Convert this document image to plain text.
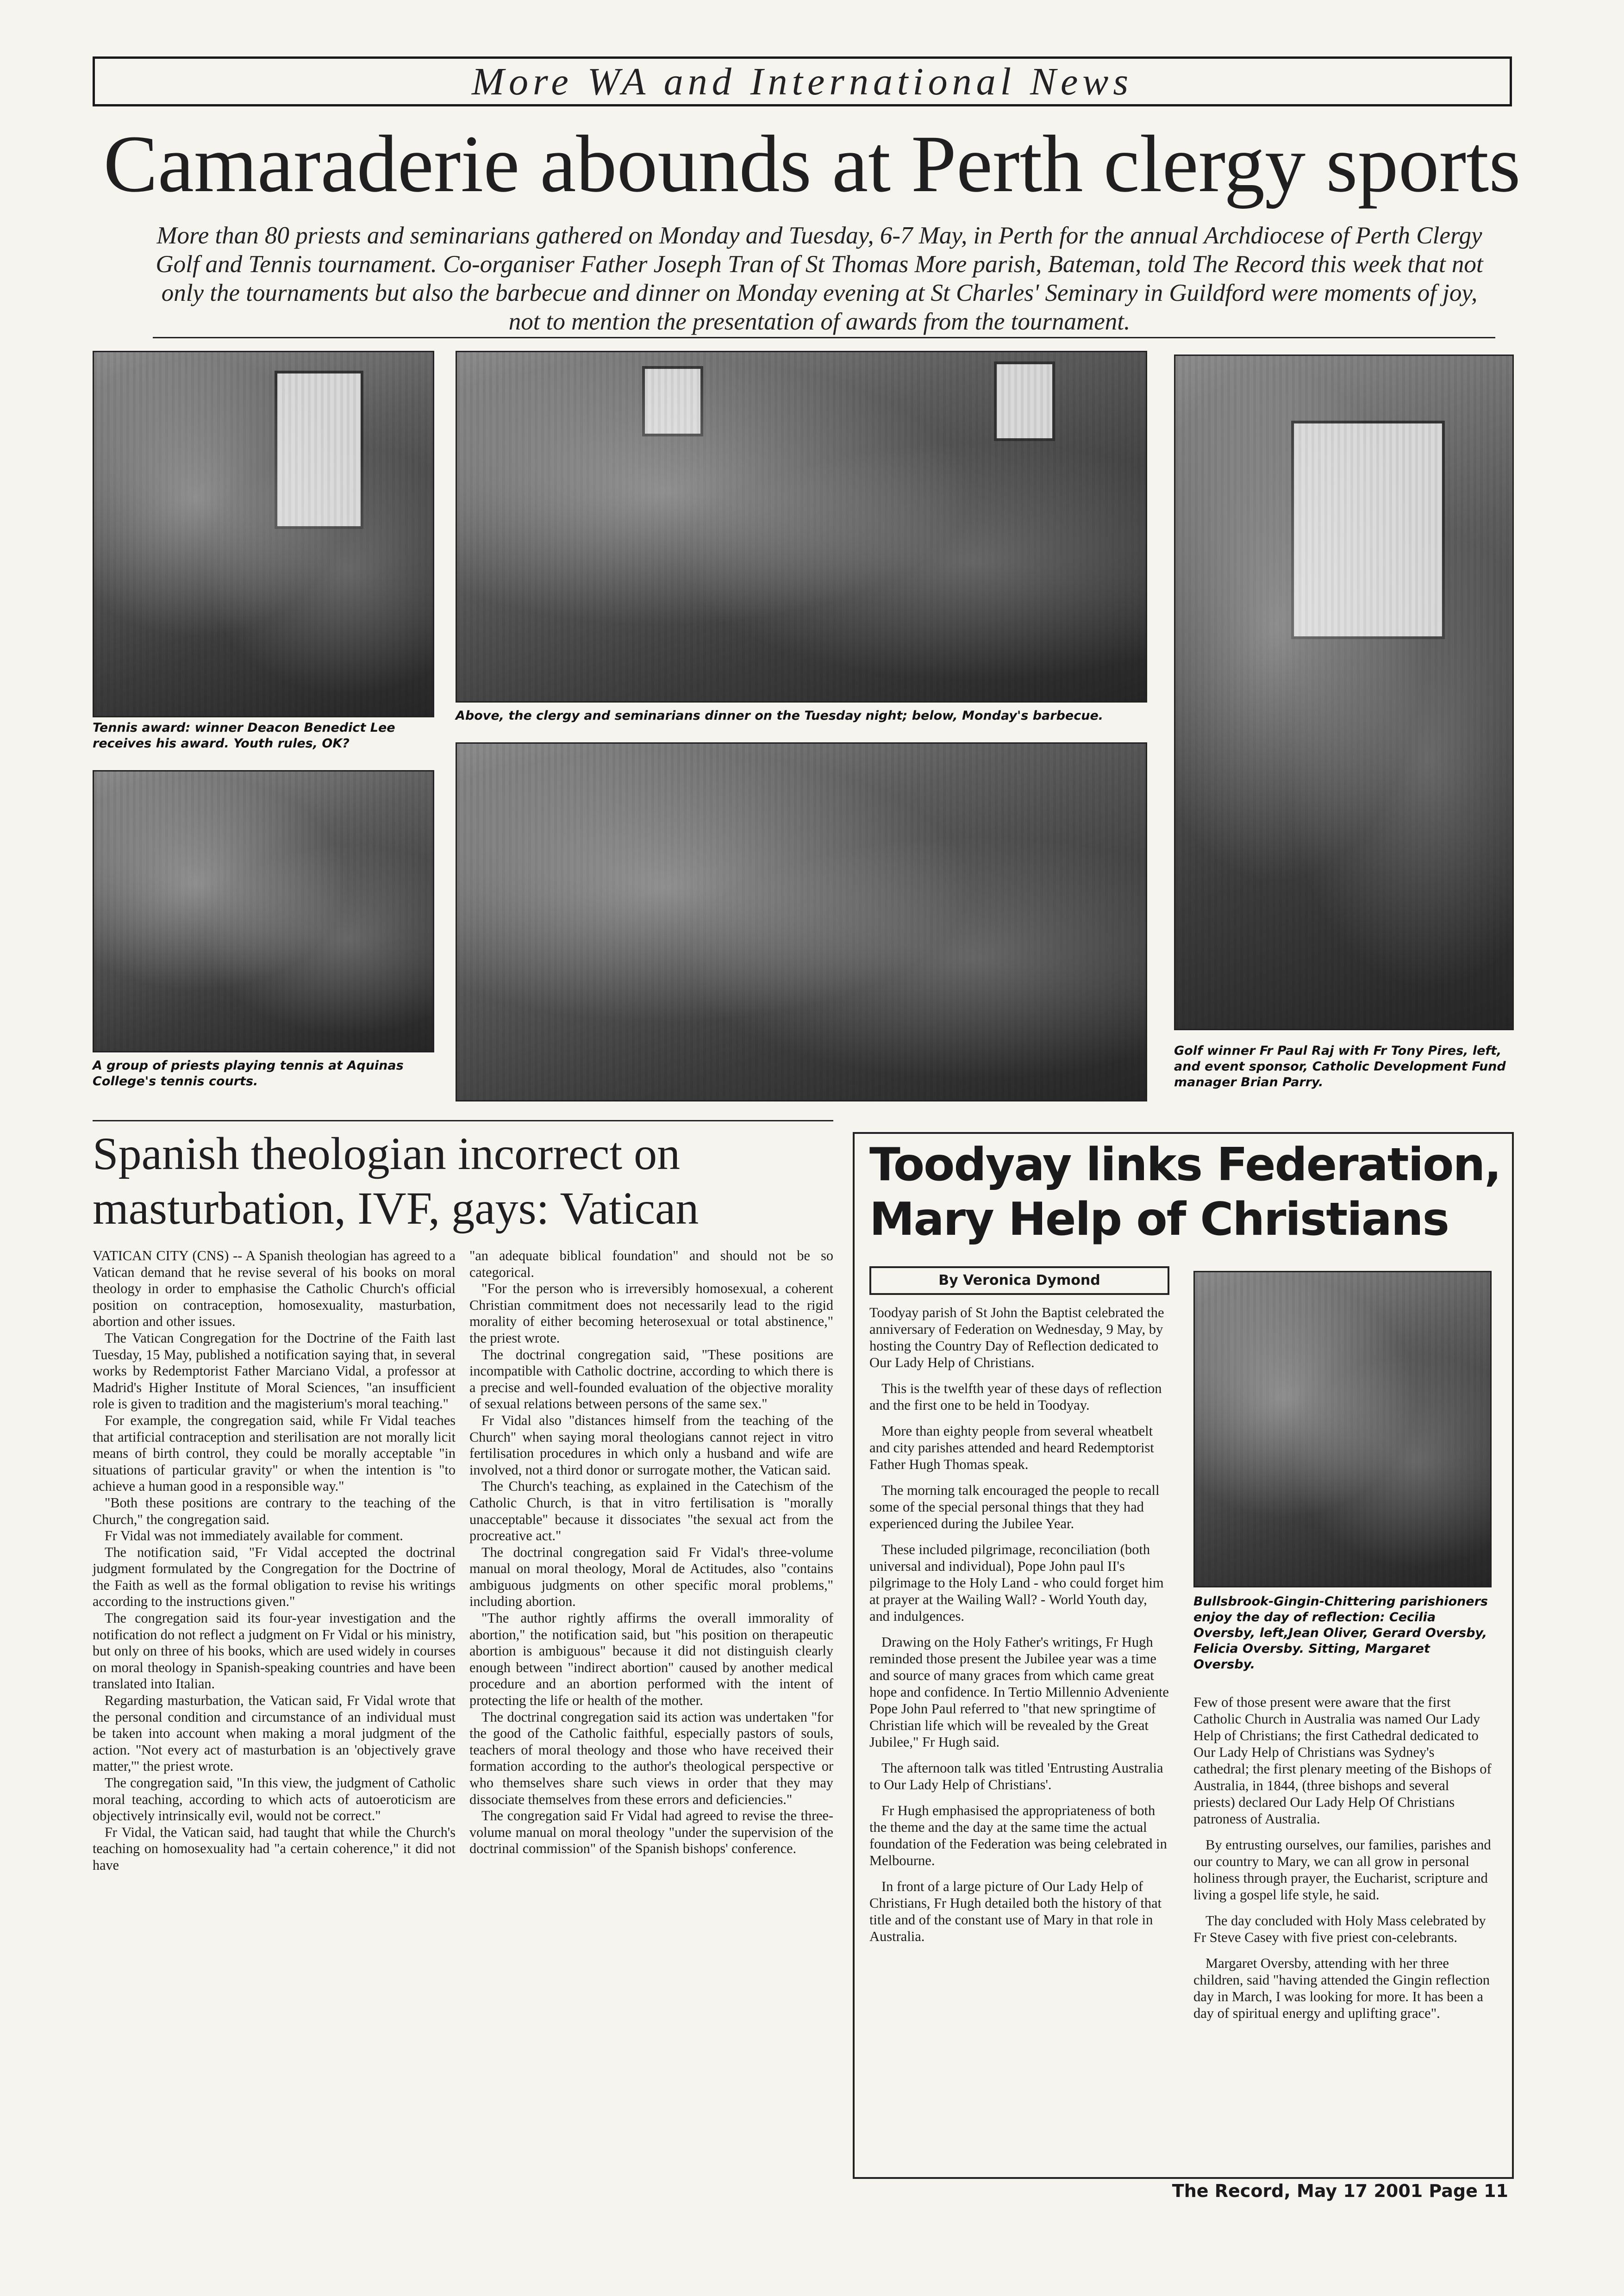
More WA and International News
Camaraderie abounds at Perth clergy sports
More than 80 priests and seminarians gathered on Monday and Tuesday, 6-7 May, in Perth for the annual Archdiocese of Perth Clergy Golf and Tennis tournament. Co-organiser Father Joseph Tran of St Thomas More parish, Bateman, told The Record this week that not only the tournaments but also the barbecue and dinner on Monday evening at St Charles' Seminary in Guildford were moments of joy, not to mention the presentation of awards from the tournament.
Tennis award: winner Deacon Benedict Lee receives his award. Youth rules, OK?
Above, the clergy and seminarians dinner on the Tuesday night; below, Monday's barbecue.
Golf winner Fr Paul Raj with Fr Tony Pires, left, and event sponsor, Catholic Development Fund manager Brian Parry.
A group of priests playing tennis at Aquinas College's tennis courts.
Spanish theologian incorrect on masturbation, IVF, gays: Vatican

VATICAN CITY (CNS) -- A Spanish theologian has agreed to a Vatican demand that he revise several of his books on moral theology in order to emphasise the Catholic Church's official position on contraception, homosexuality, masturbation, abortion and other issues.

The Vatican Congregation for the Doctrine of the Faith last Tuesday, 15 May, published a notification saying that, in several works by Redemptorist Father Marciano Vidal, a professor at Madrid's Higher Institute of Moral Sciences, "an insufficient role is given to tradition and the magisterium's moral teaching."

For example, the congregation said, while Fr Vidal teaches that artificial contraception and sterilisation are not morally licit means of birth control, they could be morally acceptable "in situations of particular gravity" or when the intention is "to achieve a human good in a responsible way."

"Both these positions are contrary to the teaching of the Church," the congregation said.

Fr Vidal was not immediately available for comment.

The notification said, "Fr Vidal accepted the doctrinal judgment formulated by the Congregation for the Doctrine of the Faith as well as the formal obligation to revise his writings according to the instructions given."

The congregation said its four-year investigation and the notification do not reflect a judgment on Fr Vidal or his ministry, but only on three of his books, which are used widely in courses on moral theology in Spanish-speaking countries and have been translated into Italian.

Regarding masturbation, the Vatican said, Fr Vidal wrote that the personal condition and circumstance of an individual must be taken into account when making a moral judgment of the action. "Not every act of masturbation is an 'objectively grave matter,'" the priest wrote.

The congregation said, "In this view, the judgment of Catholic moral teaching, according to which acts of autoeroticism are objectively intrinsically evil, would not be correct."

Fr Vidal, the Vatican said, had taught that while the Church's teaching on homosexuality had "a certain coherence," it did not have

"an adequate biblical foundation" and should not be so categorical.

"For the person who is irreversibly homosexual, a coherent Christian commitment does not necessarily lead to the rigid morality of either becoming heterosexual or total abstinence," the priest wrote.

The doctrinal congregation said, "These positions are incompatible with Catholic doctrine, according to which there is a precise and well-founded evaluation of the objective morality of sexual relations between persons of the same sex."

Fr Vidal also "distances himself from the teaching of the Church" when saying moral theologians cannot reject in vitro fertilisation procedures in which only a husband and wife are involved, not a third donor or surrogate mother, the Vatican said.

The Church's teaching, as explained in the Catechism of the Catholic Church, is that in vitro fertilisation is "morally unacceptable" because it dissociates "the sexual act from the procreative act."

The doctrinal congregation said Fr Vidal's three-volume manual on moral theology, Moral de Actitudes, also "contains ambiguous judgments on other specific moral problems," including abortion.

"The author rightly affirms the overall immorality of abortion," the notification said, but "his position on therapeutic abortion is ambiguous" because it did not distinguish clearly enough between "indirect abortion" caused by another medical procedure and an abortion performed with the intent of protecting the life or health of the mother.

The doctrinal congregation said its action was undertaken "for the good of the Catholic faithful, especially pastors of souls, teachers of moral theology and those who have received their formation according to the author's theological perspective or who themselves share such views in order that they may dissociate themselves from these errors and deficiencies."

The congregation said Fr Vidal had agreed to revise the three-volume manual on moral theology "under the supervision of the doctrinal commission" of the Spanish bishops' conference.

Toodyay links Federation, Mary Help of Christians
By Veronica Dymond

Toodyay parish of St John the Baptist celebrated the anniversary of Federation on Wednesday, 9 May, by hosting the Country Day of Reflection dedicated to Our Lady Help of Christians.

This is the twelfth year of these days of reflection and the first one to be held in Toodyay.

More than eighty people from several wheatbelt and city parishes attended and heard Redemptorist Father Hugh Thomas speak.

The morning talk encouraged the people to recall some of the special personal things that they had experienced during the Jubilee Year.

These included pilgrimage, reconciliation (both universal and individual), Pope John paul II's pilgrimage to the Holy Land - who could forget him at prayer at the Wailing Wall? - World Youth day, and indulgences.

Drawing on the Holy Father's writings, Fr Hugh reminded those present the Jubilee year was a time and source of many graces from which came great hope and confidence. In Tertio Millennio Adveniente Pope John Paul referred to "that new springtime of Christian life which will be revealed by the Great Jubilee," Fr Hugh said.

The afternoon talk was titled 'Entrusting Australia to Our Lady Help of Christians'.

Fr Hugh emphasised the appropriateness of both the theme and the day at the same time the actual foundation of the Federation was being celebrated in Melbourne.

In front of a large picture of Our Lady Help of Christians, Fr Hugh detailed both the history of that title and of the constant use of Mary in that role in Australia.

Bullsbrook-Gingin-Chittering parishioners enjoy the day of reflection: Cecilia Oversby, left,Jean Oliver, Gerard Oversby, Felicia Oversby. Sitting, Margaret Oversby.

Few of those present were aware that the first Catholic Church in Australia was named Our Lady Help of Christians; the first Cathedral dedicated to Our Lady Help of Christians was Sydney's cathedral; the first plenary meeting of the Bishops of Australia, in 1844, (three bishops and several priests) declared Our Lady Help Of Christians patroness of Australia.

By entrusting ourselves, our families, parishes and our country to Mary, we can all grow in personal holiness through prayer, the Eucharist, scripture and living a gospel life style, he said.

The day concluded with Holy Mass celebrated by Fr Steve Casey with five priest con-celebrants.

Margaret Oversby, attending with her three children, said "having attended the Gingin reflection day in March, I was looking for more. It has been a day of spiritual energy and uplifting grace".

The Record, May 17 2001 Page 11
